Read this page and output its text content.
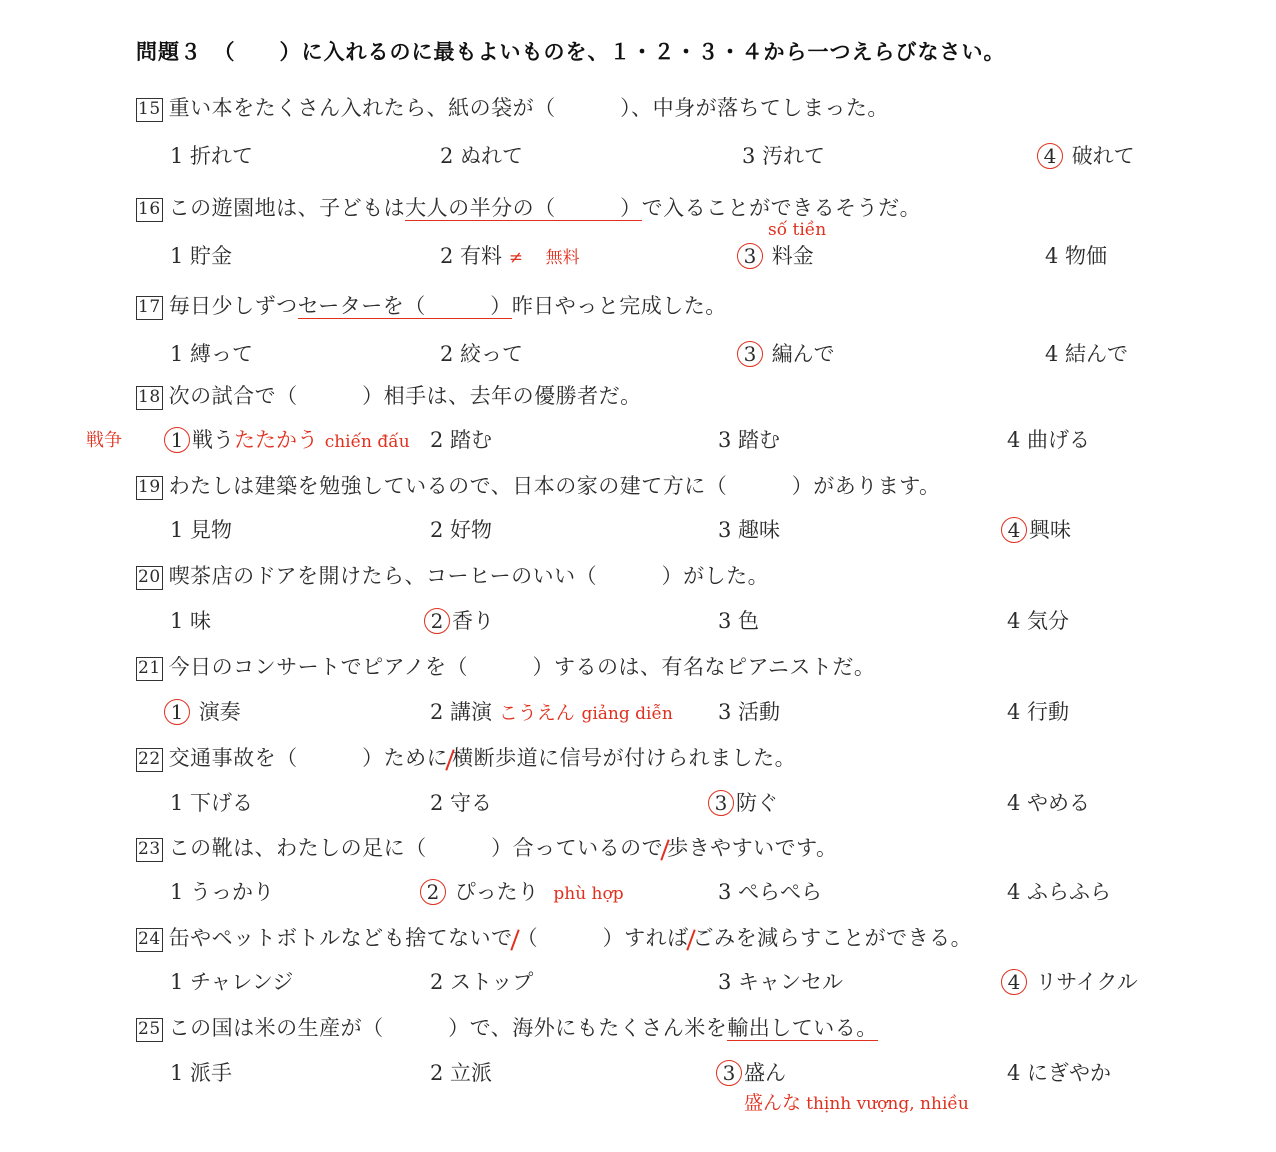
問題３　（　　）に入れるのに最もよいものを、１・２・３・４から一つえらびなさい。
15 重い本をたくさん入れたら、紙の袋が（　　　）、中身が落ちてしまった。
1 折れて	2 ぬれて	3 汚れて	4 破れて
16 この遊園地は、子どもは大人の半分の（　　　）で入ることができるそうだ。
số tiền
1 貯金	2 有料 ≠ 無料	3 料金	4 物価
17 毎日少しずつセーターを（　　　）昨日やっと完成した。
1 縛って	2 絞って	3 編んで	4 結んで
18 次の試合で（　　　）相手は、去年の優勝者だ。
戦争	1 戦うたたかう chiến đấu 2 踏む	3 踏む	4 曲げる
19 わたしは建築を勉強しているので、日本の家の建て方に（　　　）があります。
1 見物	2 好物	3 趣味	4 興味
20 喫茶店のドアを開けたら、コーヒーのいい（　　　）がした。
1 味	2 香り	3 色	4 気分
21 今日のコンサートでピアノを（　　　）するのは、有名なピアニストだ。
1 演奏	2 講演 こうえん giảng diễn 3 活動	4 行動
22 交通事故を（　　　）ために 横断歩道に信号が付けられました。
1 下げる	2 守る	3 防ぐ	4 やめる
23 この靴は、わたしの足に（　　　）合っているので 歩きやすいです。
1 うっかり	2 ぴったり phù hợp	3 ぺらぺら	4 ふらふら
24 缶やペットボトルなども捨てないで （　　　）すれば ごみを減らすことができる。
1 チャレンジ	2 ストップ	3 キャンセル	4 リサイクル
25 この国は米の生産が（　　　）で、海外にもたくさん米を輸出している。
1 派手	2 立派	3 盛ん	4 にぎやか
盛んな thịnh vượng, nhiều
